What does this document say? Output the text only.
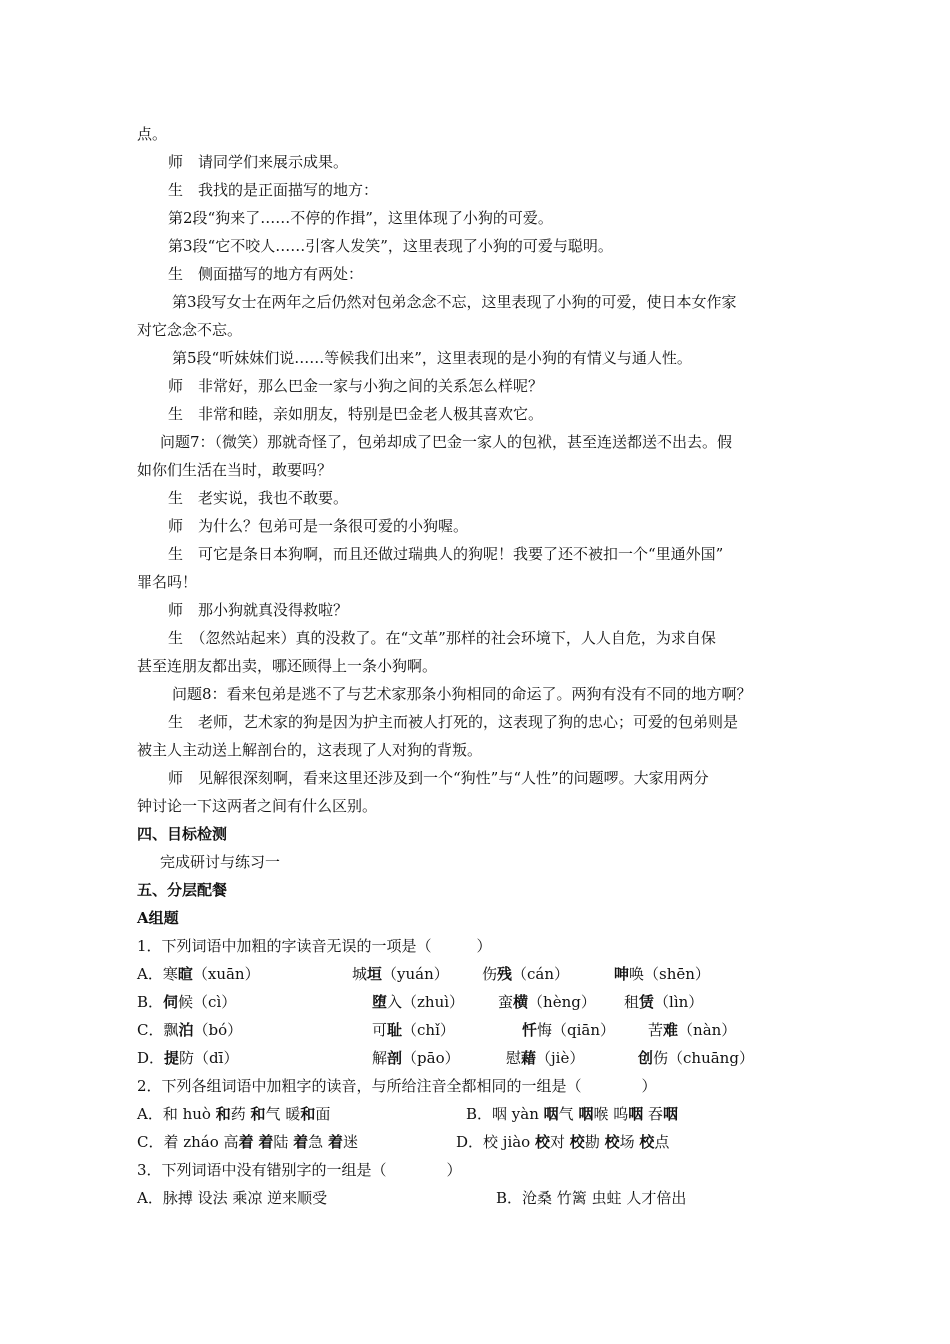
点。
师　请同学们来展示成果。
生　我找的是正面描写的地方：
第2段“狗来了……不停的作揖”，这里体现了小狗的可爱。
第3段“它不咬人……引客人发笑”，这里表现了小狗的可爱与聪明。
生　侧面描写的地方有两处：
第3段写女士在两年之后仍然对包弟念念不忘，这里表现了小狗的可爱，使日本女作家
对它念念不忘。
第5段“听妹妹们说……等候我们出来”，这里表现的是小狗的有情义与通人性。
师　非常好，那么巴金一家与小狗之间的关系怎么样呢？
生　非常和睦，亲如朋友，特别是巴金老人极其喜欢它。
问题7：（微笑）那就奇怪了，包弟却成了巴金一家人的包袱，甚至连送都送不出去。假
如你们生活在当时，敢要吗？
生　老实说，我也不敢要。
师　为什么？包弟可是一条很可爱的小狗喔。
生　可它是条日本狗啊，而且还做过瑞典人的狗呢！我要了还不被扣一个“里通外国”
罪名吗！
师　那小狗就真没得救啦？
生　（忽然站起来）真的没救了。在“文革”那样的社会环境下，人人自危，为求自保
甚至连朋友都出卖，哪还顾得上一条小狗啊。
问题8：看来包弟是逃不了与艺术家那条小狗相同的命运了。两狗有没有不同的地方啊？
生　老师，艺术家的狗是因为护主而被人打死的，这表现了狗的忠心；可爱的包弟则是
被主人主动送上解剖台的，这表现了人对狗的背叛。
师　见解很深刻啊，看来这里还涉及到一个“狗性”与“人性”的问题啰。大家用两分
钟讨论一下这两者之间有什么区别。
四、目标检测
完成研讨与练习一
五、分层配餐
A组题
1．下列词语中加粗的字读音无误的一项是（　　　）
A．寒暄（xuān）	城垣（yuán） 伤残（cán）	呻唤（shēn）
B．伺候（cì）	堕入（zhuì） 蛮横（hèng） 租赁（lìn）
C．飘泊（bó）	可耻（chǐ）	忏悔（qiān） 苦难（nàn）
D．提防（dī）	解剖（pāo）	慰藉（jiè）	创伤（chuāng）
2．下列各组词语中加粗字的读音，与所给注音全都相同的一组是（　　　　）
A．和 huò 和药 和气 暖和面	B．咽 yàn 咽气 咽喉 呜咽 吞咽
C．着 zháo 高着 着陆 着急 着迷	D．校 jiào 校对 校勘 校场 校点
3．下列词语中没有错别字的一组是（　　　　）
A．脉搏 设法 乘凉 逆来顺受	B．沧桑 竹篱 虫蛀 人才倍出
